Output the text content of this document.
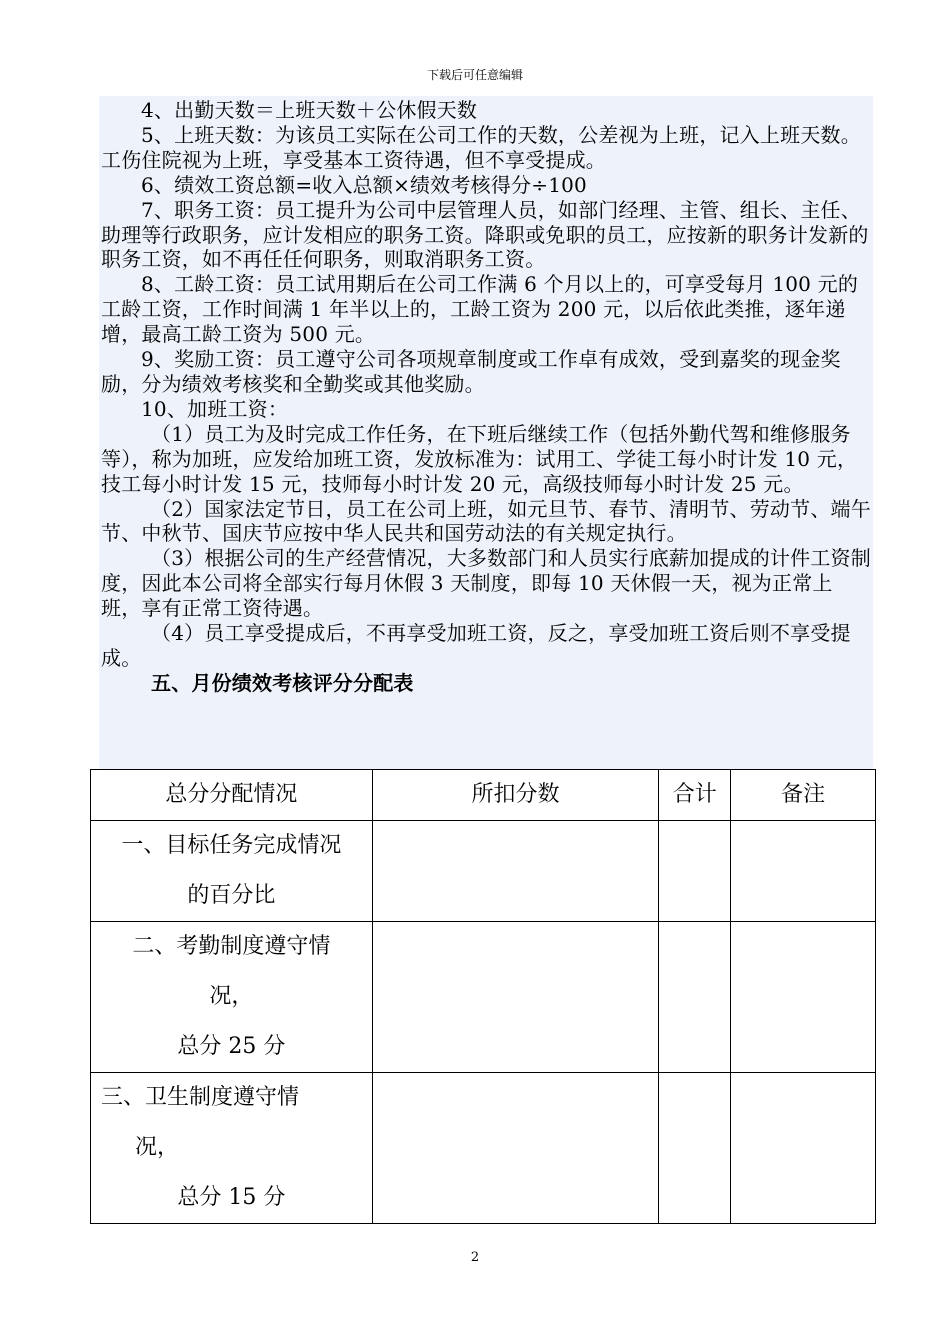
下载后可任意编辑

4、出勤天数＝上班天数＋公休假天数

5、上班天数：为该员工实际在公司工作的天数，公差视为上班，记入上班天数。工伤住院视为上班，享受基本工资待遇，但不享受提成。

6、绩效工资总额=收入总额×绩效考核得分÷100

7、职务工资：员工提升为公司中层管理人员，如部门经理、主管、组长、主任、助理等行政职务，应计发相应的职务工资。降职或免职的员工，应按新的职务计发新的职务工资，如不再任任何职务，则取消职务工资。

8、工龄工资：员工试用期后在公司工作满 6 个月以上的，可享受每月 100 元的工龄工资，工作时间满 1 年半以上的，工龄工资为 200 元，以后依此类推，逐年递增，最高工龄工资为 500 元。

9、奖励工资：员工遵守公司各项规章制度或工作卓有成效，受到嘉奖的现金奖励，分为绩效考核奖和全勤奖或其他奖励。

10、加班工资：

（1）员工为及时完成工作任务，在下班后继续工作（包括外勤代驾和维修服务等），称为加班，应发给加班工资，发放标准为：试用工、学徒工每小时计发 10 元，技工每小时计发 15 元，技师每小时计发 20 元，高级技师每小时计发 25 元。

（2）国家法定节日，员工在公司上班，如元旦节、春节、清明节、劳动节、端午节、中秋节、国庆节应按中华人民共和国劳动法的有关规定执行。

（3）根据公司的生产经营情况，大多数部门和人员实行底薪加提成的计件工资制度，因此本公司将全部实行每月休假 3 天制度，即每 10 天休假一天，视为正常上班，享有正常工资待遇。

（4）员工享受提成后，不再享受加班工资，反之，享受加班工资后则不享受提成。

五、月份绩效考核评分分配表

总分分配情况	所扣分数	合计	备注

一、目标任务完成情况
的百分比			

二、考勤制度遵守情
况，
总分 25 分			

三、卫生制度遵守情
况，
总分 15 分			

2
